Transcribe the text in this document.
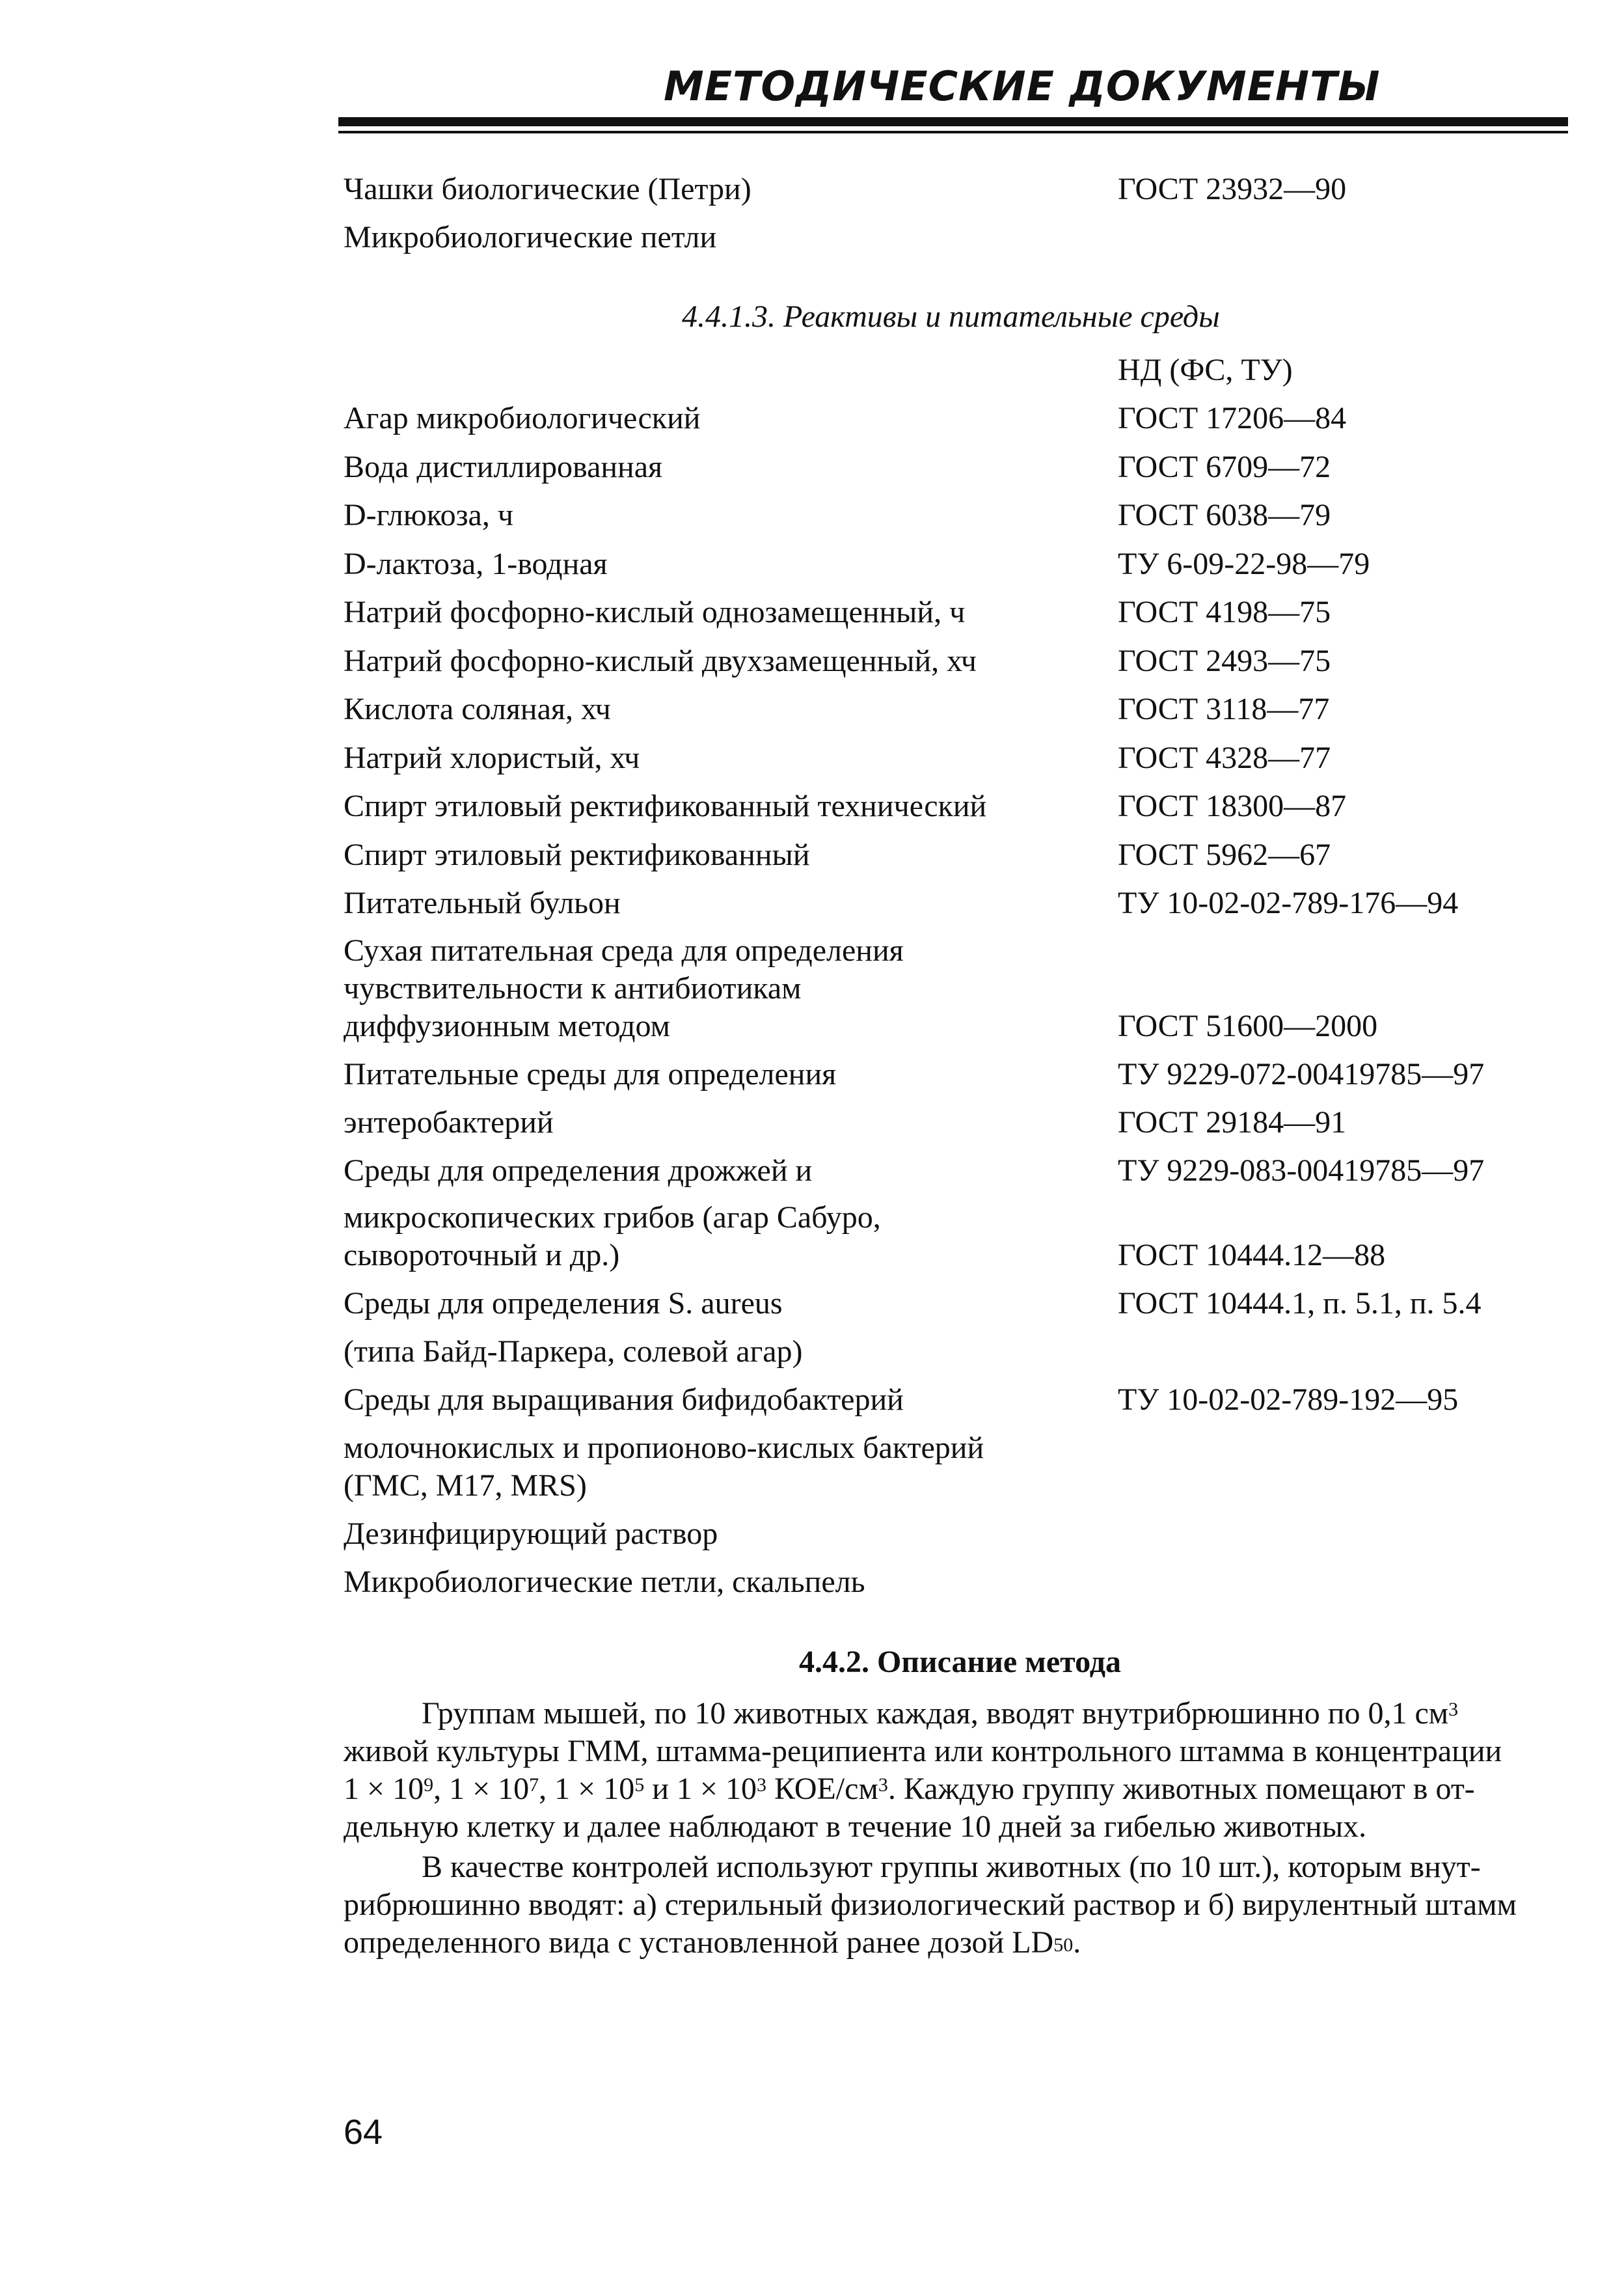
МЕТОДИЧЕСКИЕ ДОКУМЕНТЫ
Чашки биологические (Петри)	ГОСТ 23932—90
Микробиологические петли
4.4.1.3. Реактивы и питательные среды
НД (ФС, ТУ)
Агар микробиологический	ГОСТ 17206—84
Вода дистиллированная	ГОСТ 6709—72
D-глюкоза, ч	ГОСТ 6038—79
D-лактоза, 1-водная	ТУ 6-09-22-98—79
Натрий фосфорно-кислый однозамещенный, ч	ГОСТ 4198—75
Натрий фосфорно-кислый двухзамещенный, хч	ГОСТ 2493—75
Кислота соляная, хч	ГОСТ 3118—77
Натрий хлористый, хч	ГОСТ 4328—77
Спирт этиловый ректификованный технический	ГОСТ 18300—87
Спирт этиловый ректификованный	ГОСТ 5962—67
Питательный бульон	ТУ 10-02-02-789-176—94
Сухая питательная среда для определения
чувствительности к антибиотикам
диффузионным методом	ГОСТ 51600—2000
Питательные среды для определения	ТУ 9229-072-00419785—97
энтеробактерий	ГОСТ 29184—91
Среды для определения дрожжей и	ТУ 9229-083-00419785—97
микроскопических грибов (агар Сабуро,
сывороточный и др.)	ГОСТ 10444.12—88
Среды для определения S. aureus	ГОСТ 10444.1, п. 5.1, п. 5.4
(типа Байд-Паркера, солевой агар)
Среды для выращивания бифидобактерий	ТУ 10-02-02-789-192—95
молочнокислых и пропионово-кислых бактерий
(ГМС, M17, MRS)
Дезинфицирующий раствор
Микробиологические петли, скальпель
4.4.2. Описание метода
Группам мышей, по 10 животных каждая, вводят внутрибрюшинно по 0,1 $см^3$
живой культуры ГММ, штамма-реципиента или контрольного штамма в концентрации
$1 \times 10^9$, $1 \times 10^7$, $1 \times 10^5$ и $1 \times 10^3$ КОЕ/$см^3$. Каждую группу животных помещают в от-
дельную клетку и далее наблюдают в течение 10 дней за гибелью животных.
В качестве контролей используют группы животных (по 10 шт.), которым внут-
рибрюшинно вводят: а) стерильный физиологический раствор и б) вирулентный штамм
определенного вида с установленной ранее дозой $LD_{50}$.
64
